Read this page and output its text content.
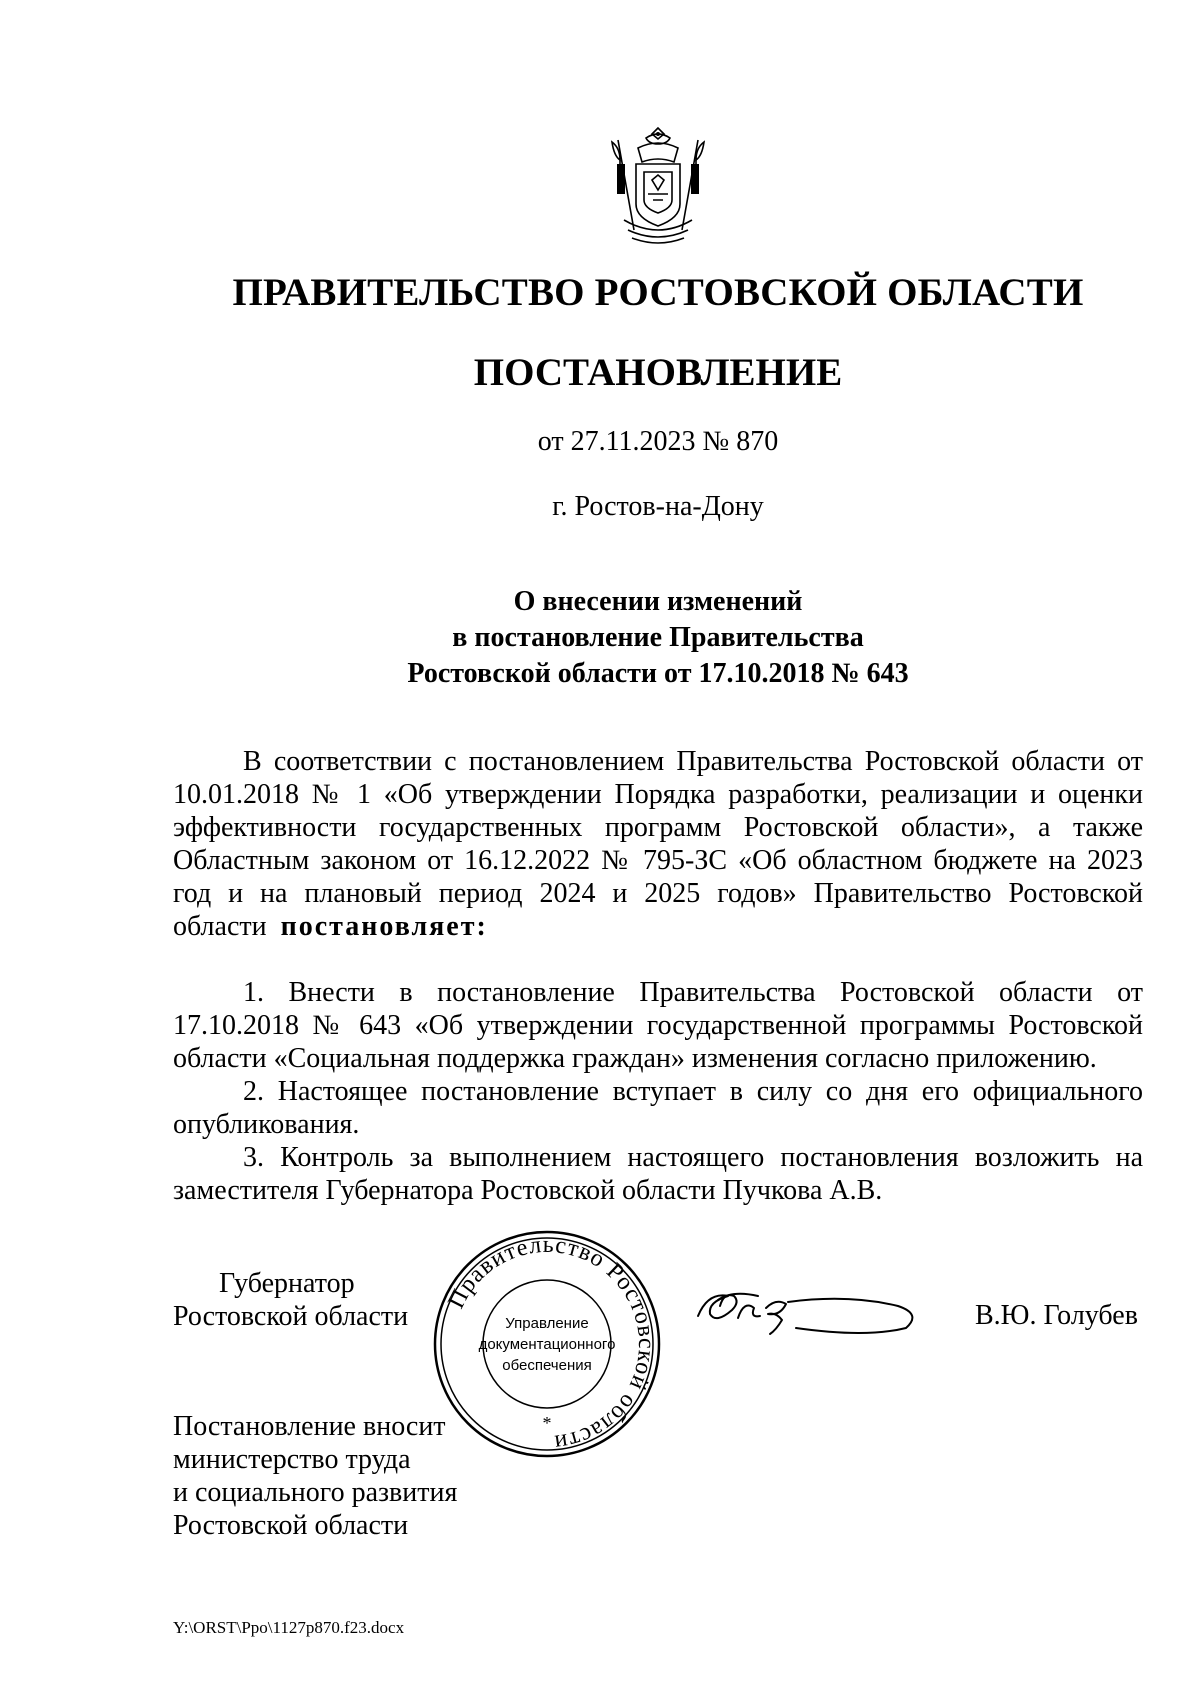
ПРАВИТЕЛЬСТВО РОСТОВСКОЙ ОБЛАСТИ
ПОСТАНОВЛЕНИЕ
от 27.11.2023 № 870
г. Ростов-на-Дону
О внесении изменений
в постановление Правительства
Ростовской области от 17.10.2018 № 643

В соответствии с постановлением Правительства Ростовской области от 10.01.2018 № 1 «Об утверждении Порядка разработки, реализации и оценки эффективности государственных программ Ростовской области», а также Областным законом от 16.12.2022 № 795-ЗС «Об областном бюджете на 2023 год и на плановый период 2024 и 2025 годов» Правительство Ростовской области постановляет:

1. Внести в постановление Правительства Ростовской области от 17.10.2018 № 643 «Об утверждении государственной программы Ростовской области «Социальная поддержка граждан» изменения согласно приложению.

2. Настоящее постановление вступает в силу со дня его официального опубликования.

3. Контроль за выполнением настоящего постановления возложить на заместителя Губернатора Ростовской области Пучкова А.В.

Губернатор
Ростовской области
Правительство Ростовской области
Управление
документационного
обеспечения
*
В.Ю. Голубев
Постановление вносит
министерство труда
и социального развития
Ростовской области
Y:\ORST\Ppo\1127p870.f23.docx
